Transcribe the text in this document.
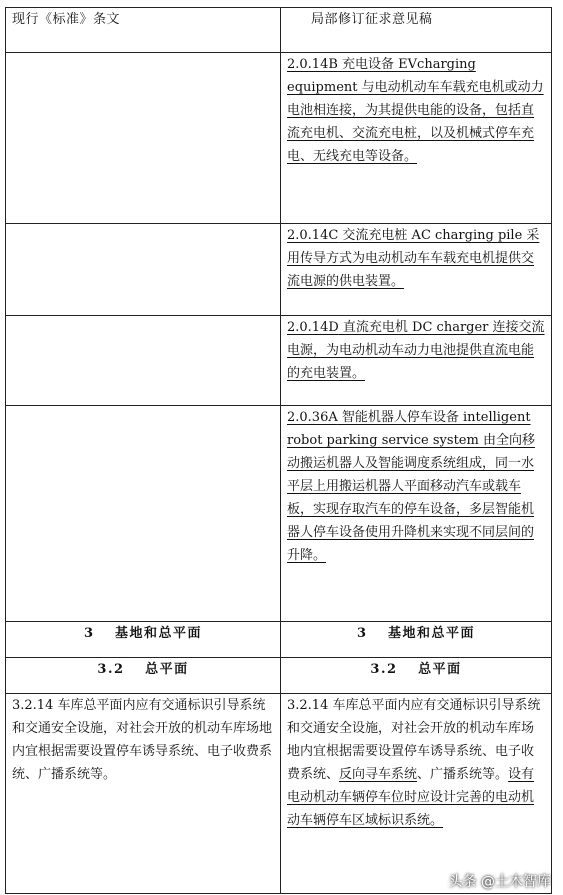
现行《标准》条文	局部修订征求意见稿
	2.0.14B 充电设备 EVcharging equipment 与电动机动车车载充电机或动力电池相连接，为其提供电能的设备，包括直流充电机、交流充电桩，以及机械式停车充电、无线充电等设备。
	2.0.14C 交流充电桩 AC charging pile 采用传导方式为电动机动车车载充电机提供交流电源的供电装置。
	2.0.14D 直流充电机 DC charger 连接交流电源，为电动机动车动力电池提供直流电能的充电装置。
	2.0.36A 智能机器人停车设备 intelligent robot parking service system 由全向移动搬运机器人及智能调度系统组成，同一水平层上用搬运机器人平面移动汽车或载车板，实现存取汽车的停车设备，多层智能机器人停车设备使用升降机来实现不同层间的升降。
3　 基地和总平面	3　 基地和总平面
3.2　 总平面	3.2　 总平面
3.2.14 车库总平面内应有交通标识引导系统和交通安全设施，对社会开放的机动车库场地内宜根据需要设置停车诱导系统、电子收费系统、广播系统等。	3.2.14 车库总平面内应有交通标识引导系统和交通安全设施，对社会开放的机动车库场地内宜根据需要设置停车诱导系统、电子收费系统、反向寻车系统、广播系统等。设有电动机动车辆停车位时应设计完善的电动机动车辆停车区域标识系统。
头条 @土木智库
